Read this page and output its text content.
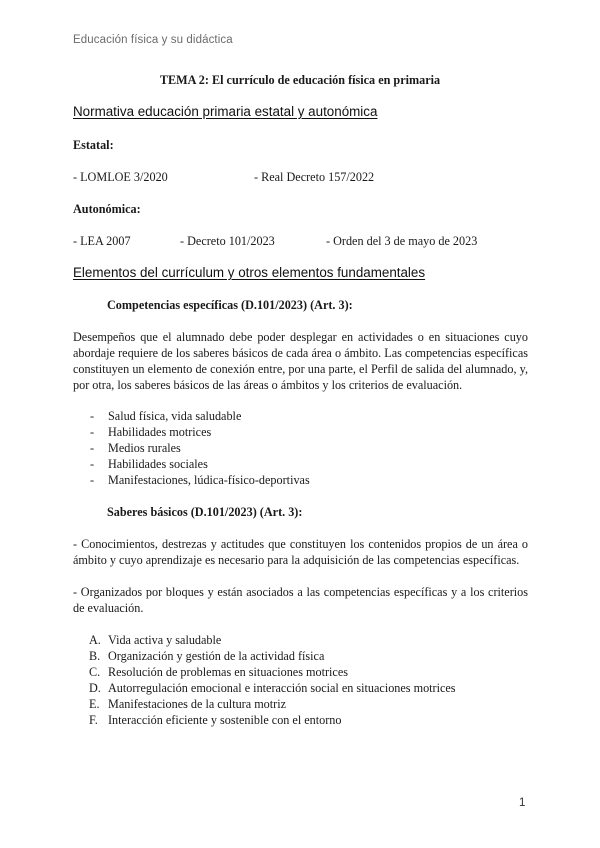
Educación física y su didáctica
TEMA 2: El currículo de educación física en primaria
Normativa educación primaria estatal y autonómica
Estatal:
- LOMLOE 3/2020	- Real Decreto 157/2022
Autonómica:
- LEA 2007	- Decreto 101/2023	- Orden del 3 de mayo de 2023
Elementos del currículum y otros elementos fundamentales
Competencias específicas (D.101/2023) (Art. 3):
Desempeños que el alumnado debe poder desplegar en actividades o en situaciones cuyo abordaje requiere de los saberes básicos de cada área o ámbito. Las competencias específicas constituyen un elemento de conexión entre, por una parte, el Perfil de salida del alumnado, y, por otra, los saberes básicos de las áreas o ámbitos y los criterios de evaluación.
- Salud física, vida saludable
- Habilidades motrices
- Medios rurales
- Habilidades sociales
- Manifestaciones, lúdica-físico-deportivas
Saberes básicos (D.101/2023) (Art. 3):
- Conocimientos, destrezas y actitudes que constituyen los contenidos propios de un área o ámbito y cuyo aprendizaje es necesario para la adquisición de las competencias específicas.
- Organizados por bloques y están asociados a las competencias específicas y a los criterios de evaluación.
A. Vida activa y saludable
B. Organización y gestión de la actividad física
C. Resolución de problemas en situaciones motrices
D. Autorregulación emocional e interacción social en situaciones motrices
E. Manifestaciones de la cultura motriz
F. Interacción eficiente y sostenible con el entorno
1
